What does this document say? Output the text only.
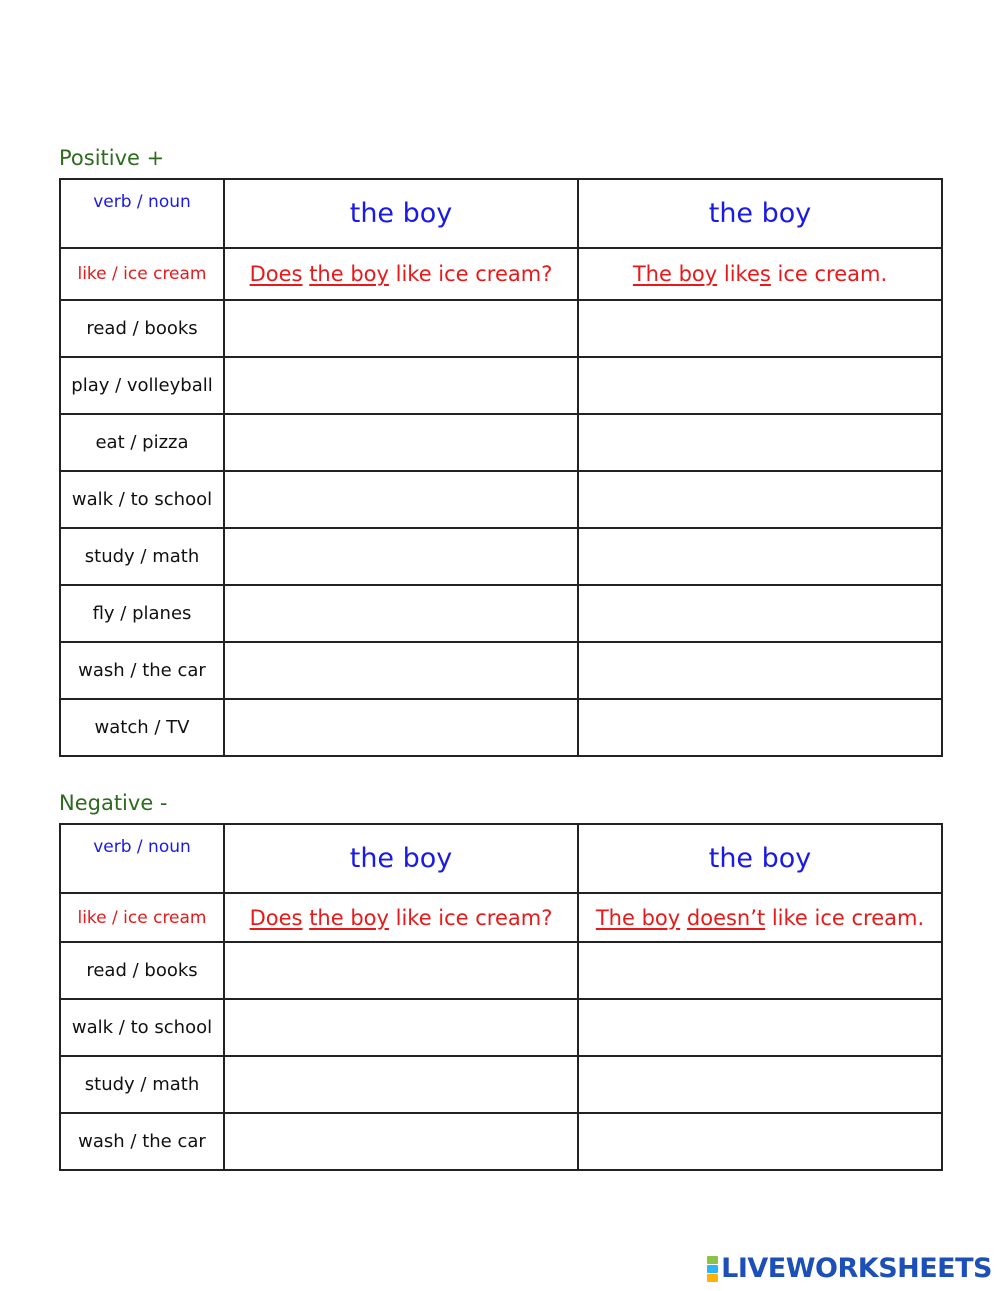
Positive +
verb / noun	the boy	the boy
like / ice cream	Does the boy like ice cream?	The boy likes ice cream.
read / books		
play / volleyball		
eat / pizza		
walk / to school		
study / math		
fly / planes		
wash / the car		
watch / TV		
Negative -
verb / noun	the boy	the boy
like / ice cream	Does the boy like ice cream?	The boy doesn’t like ice cream.
read / books		
walk / to school		
study / math		
wash / the car		
LIVEWORKSHEETS
